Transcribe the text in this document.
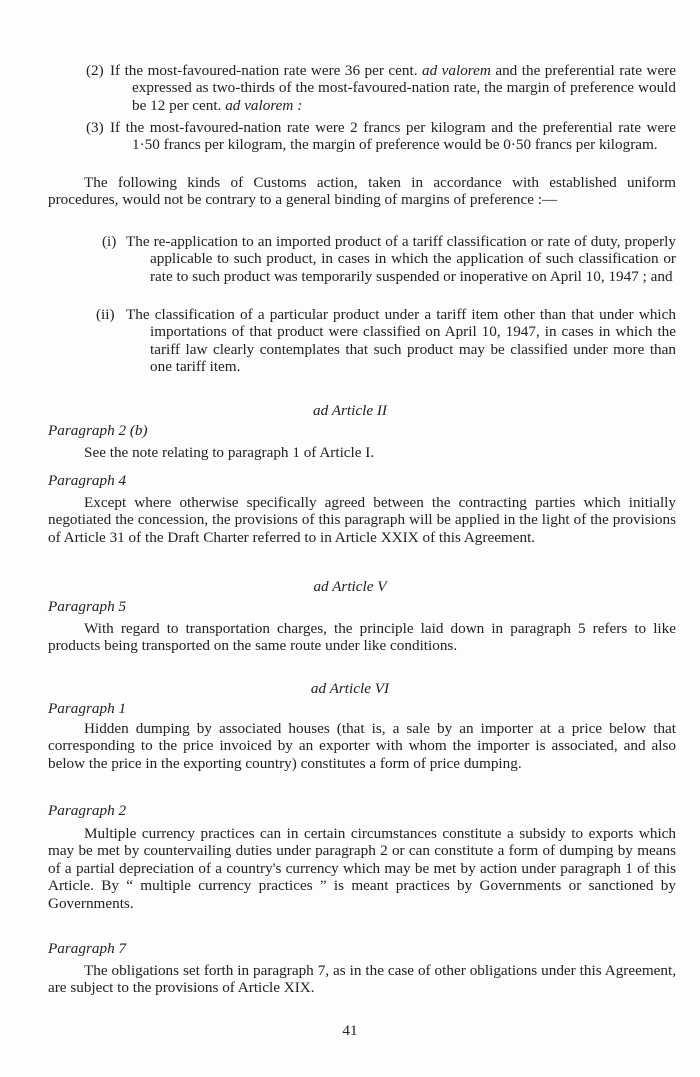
(2) If the most-favoured-nation rate were 36 per cent. ad valorem and the preferential rate were expressed as two-thirds of the most-favoured-nation rate, the margin of preference would be 12 per cent. ad valorem :
(3) If the most-favoured-nation rate were 2 francs per kilogram and the preferential rate were 1·50 francs per kilogram, the margin of preference would be 0·50 francs per kilogram.
The following kinds of Customs action, taken in accordance with established uniform procedures, would not be contrary to a general binding of margins of preference :—
(i) The re-application to an imported product of a tariff classification or rate of duty, properly applicable to such product, in cases in which the application of such classification or rate to such product was temporarily suspended or inoperative on April 10, 1947 ; and
(ii) The classification of a particular product under a tariff item other than that under which importations of that product were classified on April 10, 1947, in cases in which the tariff law clearly contemplates that such product may be classified under more than one tariff item.
ad Article II
Paragraph 2 (b)
See the note relating to paragraph 1 of Article I.
Paragraph 4
Except where otherwise specifically agreed between the contracting parties which initially negotiated the concession, the provisions of this paragraph will be applied in the light of the provisions of Article 31 of the Draft Charter referred to in Article XXIX of this Agreement.
ad Article V
Paragraph 5
With regard to transportation charges, the principle laid down in paragraph 5 refers to like products being transported on the same route under like conditions.
ad Article VI
Paragraph 1
Hidden dumping by associated houses (that is, a sale by an importer at a price below that corresponding to the price invoiced by an exporter with whom the importer is associated, and also below the price in the exporting country) constitutes a form of price dumping.
Paragraph 2
Multiple currency practices can in certain circumstances constitute a subsidy to exports which may be met by countervailing duties under paragraph 2 or can constitute a form of dumping by means of a partial depreciation of a country's currency which may be met by action under paragraph 1 of this Article. By “ multiple currency practices ” is meant practices by Governments or sanctioned by Governments.
Paragraph 7
The obligations set forth in paragraph 7, as in the case of other obligations under this Agreement, are subject to the provisions of Article XIX.
41
